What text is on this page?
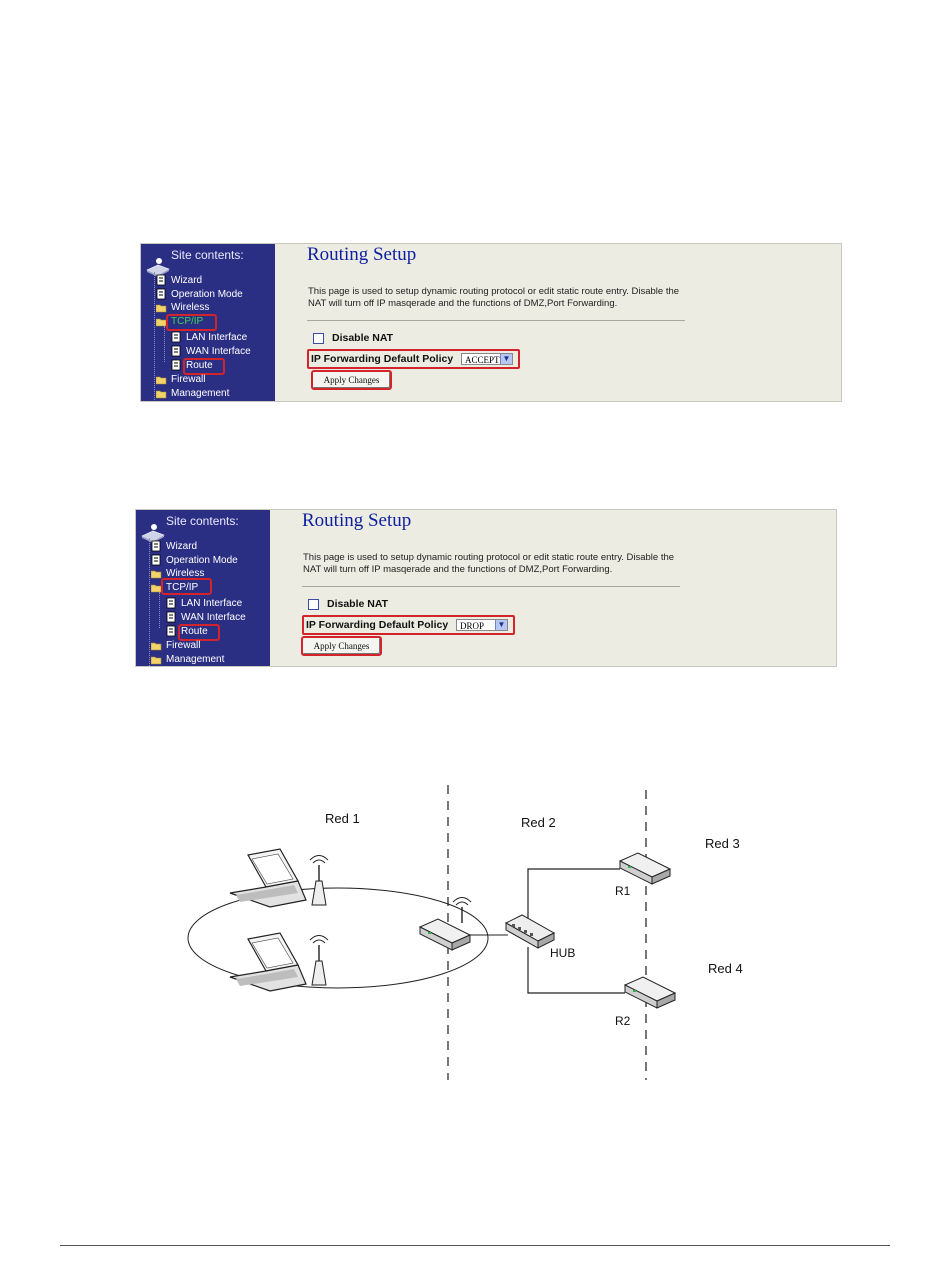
Site contents:
Wizard
Operation Mode
Wireless
TCP/IP
LAN Interface
WAN Interface
Route
Firewall
Management
Routing Setup
This page is used to setup dynamic routing protocol or edit static route entry. Disable the NAT will turn off IP masqerade and the functions of DMZ,Port Forwarding.
Disable NAT
IP Forwarding Default Policy	ACCEPT ▼
Apply Changes
Site contents:
Wizard
Operation Mode
Wireless
TCP/IP
LAN Interface
WAN Interface
Route
Firewall
Management
Routing Setup
This page is used to setup dynamic routing protocol or edit static route entry. Disable the NAT will turn off IP masqerade and the functions of DMZ,Port Forwarding.
Disable NAT
IP Forwarding Default Policy	DROP	▼
Apply Changes
Red 1	Red 2
Red 3
Red 4
HUB
R1
R2
